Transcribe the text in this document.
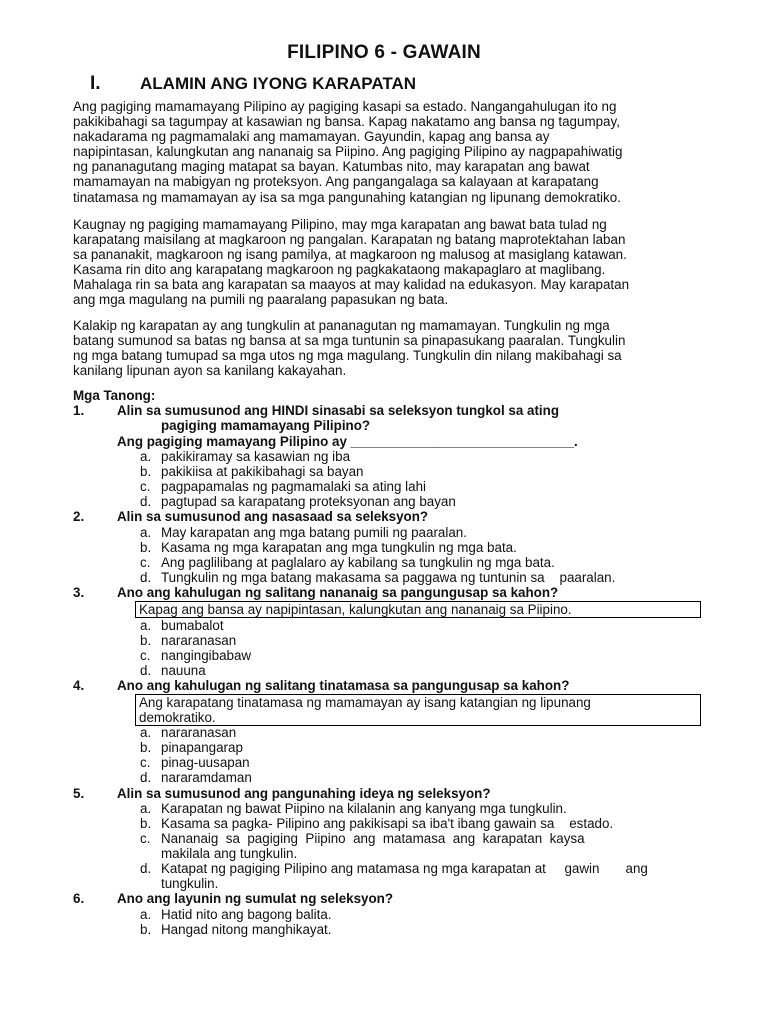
FILIPINO 6 - GAWAIN
I. ALAMIN ANG IYONG KARAPATAN
Ang pagiging mamamayang Pilipino ay pagiging kasapi sa estado. Nangangahulugan ito ng
pakikibahagi sa tagumpay at kasawian ng bansa. Kapag nakatamo ang bansa ng tagumpay,
nakadarama ng pagmamalaki ang mamamayan. Gayundin, kapag ang bansa ay
napipintasan, kalungkutan ang nananaig sa Piipino. Ang pagiging Pilipino ay nagpapahiwatig
ng pananagutang maging matapat sa bayan. Katumbas nito, may karapatan ang bawat
mamamayan na mabigyan ng proteksyon. Ang pangangalaga sa kalayaan at karapatang
tinatamasa ng mamamayan ay isa sa mga pangunahing katangian ng lipunang demokratiko.
Kaugnay ng pagiging mamamayang Pilipino, may mga karapatan ang bawat bata tulad ng
karapatang maisilang at magkaroon ng pangalan. Karapatan ng batang maprotektahan laban
sa pananakit, magkaroon ng isang pamilya, at magkaroon ng malusog at masiglang katawan.
Kasama rin dito ang karapatang magkaroon ng pagkakataong makapaglaro at maglibang.
Mahalaga rin sa bata ang karapatan sa maayos at may kalidad na edukasyon. May karapatan
ang mga magulang na pumili ng paaralang papasukan ng bata.
Kalakip ng karapatan ay ang tungkulin at pananagutan ng mamamayan. Tungkulin ng mga
batang sumunod sa batas ng bansa at sa mga tuntunin sa pinapasukang paaralan. Tungkulin
ng mga batang tumupad sa mga utos ng mga magulang. Tungkulin din nilang makibahagi sa
kanilang lipunan ayon sa kanilang kakayahan.
Mga Tanong:
1. Alin sa sumusunod ang HINDI sinasabi sa seleksyon tungkol sa ating
pagiging mamamayang Pilipino?
Ang pagiging mamayang Pilipino ay ______________________________.
a. pakikiramay sa kasawian ng iba
b. pakikiisa at pakikibahagi sa bayan
c. pagpapamalas ng pagmamalaki sa ating lahi
d. pagtupad sa karapatang proteksyonan ang bayan
2. Alin sa sumusunod ang nasasaad sa seleksyon?
a. May karapatan ang mga batang pumili ng paaralan.
b. Kasama ng mga karapatan ang mga tungkulin ng mga bata.
c. Ang paglilibang at paglalaro ay kabilang sa tungkulin ng mga bata.
d. Tungkulin ng mga batang makasama sa paggawa ng tuntunin sa    paaralan.
3. Ano ang kahulugan ng salitang nananaig sa pangungusap sa kahon?
Kapag ang bansa ay napipintasan, kalungkutan ang nananaig sa Piipino.
a. bumabalot
b. nararanasan
c. nangingibabaw
d. nauuna
4. Ano ang kahulugan ng salitang tinatamasa sa pangungusap sa kahon?
Ang karapatang tinatamasa ng mamamayan ay isang katangian ng lipunang
demokratiko.
a. nararanasan
b. pinapangarap
c. pinag-uusapan
d. nararamdaman
5. Alin sa sumusunod ang pangunahing ideya ng seleksyon?
a. Karapatan ng bawat Piipino na kilalanin ang kanyang mga tungkulin.
b. Kasama sa pagka- Pilipino ang pakikisapi sa iba't ibang gawain sa    estado.
c. Nananaig  sa  pagiging  Piipino  ang  matamasa  ang  karapatan  kaysa
makilala ang tungkulin.
d. Katapat ng pagiging Pilipino ang matamasa ng mga karapatan at     gawin       ang
tungkulin.
6. Ano ang layunin ng sumulat ng seleksyon?
a. Hatid nito ang bagong balita.
b. Hangad nitong manghikayat.
